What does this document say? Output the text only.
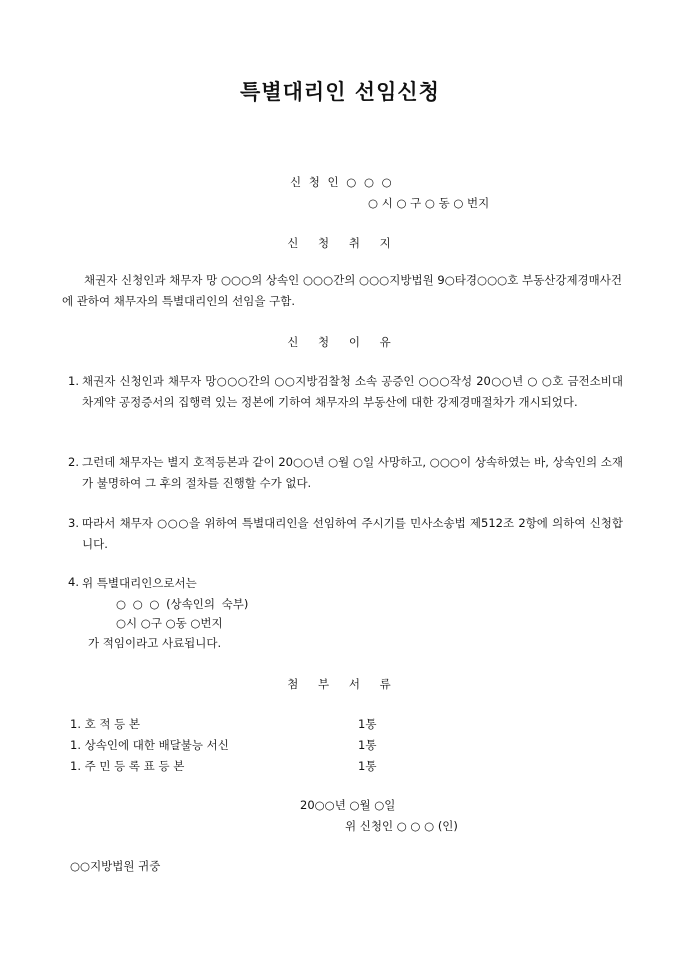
특별대리인 선임신청
신 청 인 ○ ○ ○
○ 시 ○ 구 ○ 동 ○ 번지
신 청 취 지
채권자 신청인과 채무자 망 ○○○의 상속인 ○○○간의 ○○○지방법원 9○타경○○○호 부동산강제경매사건에 관하여 채무자의 특별대리인의 선임을 구함.
신 청 이 유
1. 채권자 신청인과 채무자 망○○○간의 ○○지방검찰청 소속 공증인 ○○○작성 20○○년 ○ ○호 금전소비대차계약 공정증서의 집행력 있는 정본에 기하여 채무자의 부동산에 대한 강제경매절차가 개시되었다.
2. 그런데 채무자는 별지 호적등본과 같이 20○○년 ○월 ○일 사망하고, ○○○이 상속하였는 바, 상속인의 소재가 불명하여 그 후의 절차를 진행할 수가 없다.
3. 따라서 채무자 ○○○을 위하여 특별대리인을 선임하여 주시기를 민사소송법 제512조 2항에 의하여 신청합니다.
4. 위 특별대리인으로서는
○ ○ ○ (상속인의 숙부)
○시 ○구 ○동 ○번지
가 적임이라고 사료됩니다.
첨 부 서 류
1. 호 적 등 본	1통
1. 상속인에 대한 배달불능 서신	1통
1. 주 민 등 록 표 등 본	1통
20○○년 ○월 ○일
위 신청인 ○ ○ ○ (인)
○○지방법원 귀중
